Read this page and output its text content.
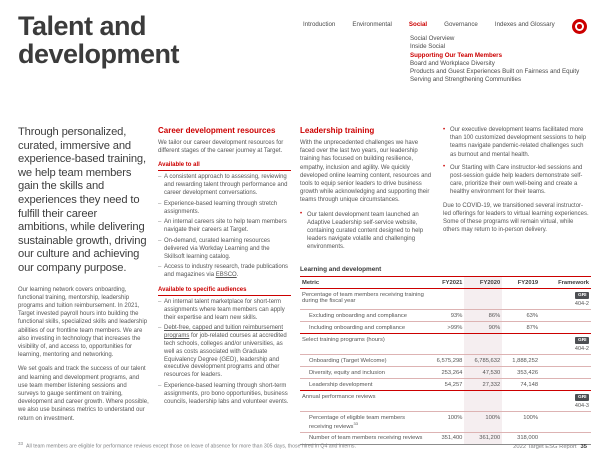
Talent and development
Introduction	Environmental	Social	Governance	Indexes and Glossary
Social Overview
Inside Social
Supporting Our Team Members
Board and Workplace Diversity
Products and Guest Experiences Built on Fairness and Equity
Serving and Strengthening Communities

Through personalized, curated, immersive and experience-based training, we help team members gain the skills and experiences they need to fulfill their career ambitions, while delivering sustainable growth, driving our culture and achieving our company purpose.

Our learning network covers onboarding, functional training, mentorship, leadership programs and tuition reimbursement. In 2021, Target invested payroll hours into building the functional skills, specialized skills and leadership abilities of our frontline team members. We are also investing in technology that increases the visibility of, and access to, opportunities for learning, mentoring and networking.

We set goals and track the success of our talent and learning and development programs, and use team member listening sessions and surveys to gauge sentiment on training, development and career growth. Where possible, we also use business metrics to understand our return on investment.

Career development resources

We tailor our career development resources for different stages of the career journey at Target.

Available to all
– A consistent approach to assessing, reviewing and rewarding talent through performance and career development conversations.
– Experience-based learning through stretch assignments.
– An internal careers site to help team members navigate their careers at Target.
– On-demand, curated learning resources delivered via Workday Learning and the Skillsoft learning catalog.
– Access to industry research, trade publications and magazines via EBSCO.
Available to specific audiences
– An internal talent marketplace for short-term assignments where team members can apply their expertise and learn new skills.
– Debt-free, capped and tuition reimbursement programs for job-related courses at accredited tech schools, colleges and/or universities, as well as costs associated with Graduate Equivalency Degree (GED), leadership and executive development programs and other resources for leaders.
– Experience-based learning through short-term assignments, pro bono opportunities, business councils, leadership labs and volunteer events.
Leadership training

With the unprecedented challenges we have faced over the last two years, our leadership training has focused on building resilience, empathy, inclusion and agility. We quickly developed online learning content, resources and tools to equip senior leaders to drive business growth while acknowledging and supporting their teams through unique circumstances.

• Our talent development team launched an Adaptive Leadership self-service website, containing curated content designed to help leaders navigate volatile and challenging environments.
• Our executive development teams facilitated more than 100 customized development sessions to help teams navigate pandemic-related challenges such as burnout and mental health.
• Our Starting with Care instructor-led sessions and post-session guide help leaders demonstrate self-care, prioritize their own well-being and create a healthy environment for their teams.

Due to COVID-19, we transitioned several instructor-led offerings for leaders to virtual learning experiences. Some of these programs will remain virtual, while others may return to in-person delivery.

Learning and development
Metric	FY2021	FY2020	FY2019	Framework
Percentage of team members receiving training during the fiscal year				GRI
404-2

Excluding onboarding and compliance	93%	86%	63%	
Including onboarding and compliance	>99%	90%	87%	
Select training programs (hours)				GRI
404-2

Onboarding (Target Welcome)	6,575,298	6,785,632	1,888,252	
Diversity, equity and inclusion	253,264	47,530	353,426	
Leadership development	54,257	27,332	74,148	
Annual performance reviews				GRI
404-3

Percentage of eligible team members receiving reviews$^{33}$	100%	100%	100%	
Number of team members receiving reviews	351,400	361,200	318,000	

$^{33}$All team members are eligible for performance reviews except those on leave of absence for more than 305 days, those hired in Q4 and interns.	2022 Target ESG Report 35
